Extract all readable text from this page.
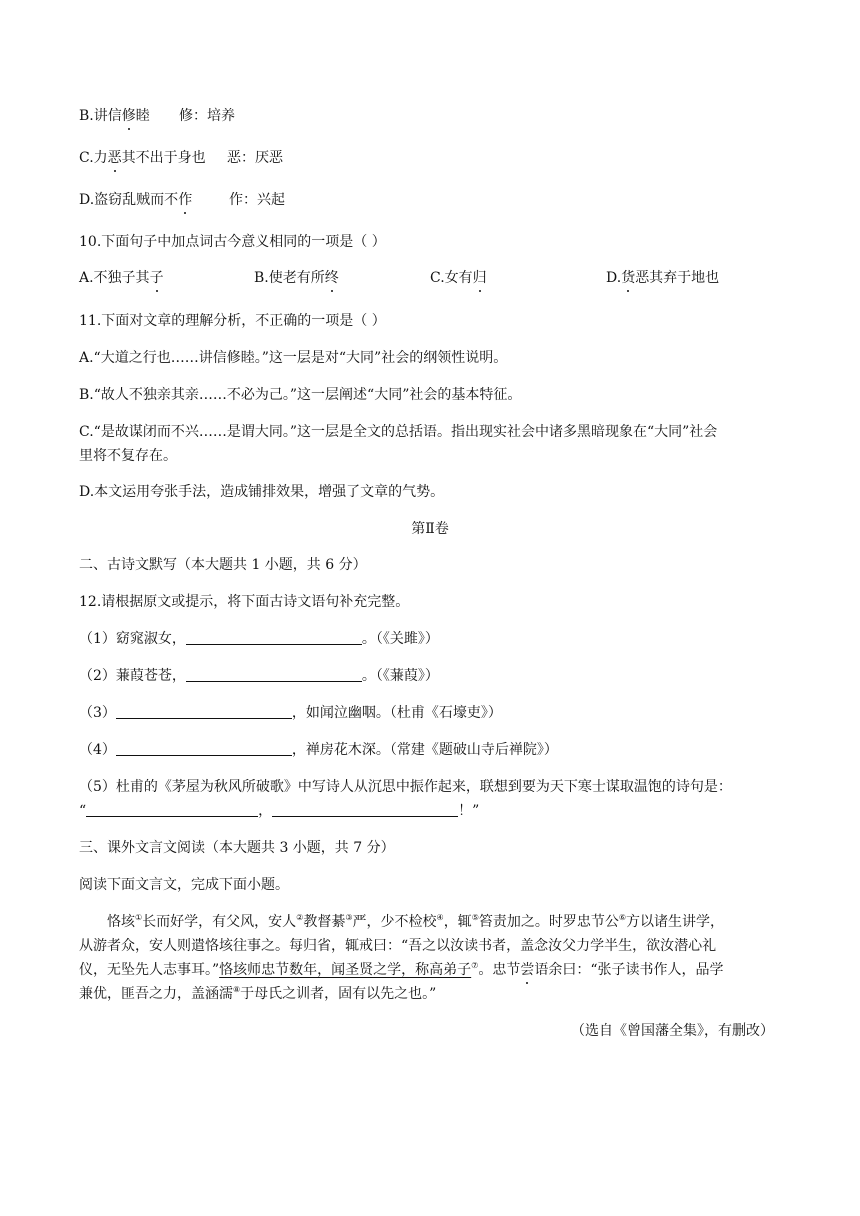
B.讲信修睦 修：培养
C.力恶其不出于身也 恶：厌恶
D.盗窃乱贼而不作	作：兴起
10.下面句子中加点词古今意义相同的一项是（ ）
A.不独子其子	B.使老有所终	C.女有归	D.货恶其弃于地也
11.下面对文章的理解分析，不正确的一项是（ ）
A.“大道之行也……讲信修睦。”这一层是对“大同”社会的纲领性说明。
B.“故人不独亲其亲……不必为己。”这一层阐述“大同”社会的基本特征。
C.“是故谋闭而不兴……是谓大同。”这一层是全文的总括语。指出现实社会中诸多黑暗现象在“大同”社会
里将不复存在。
D.本文运用夸张手法，造成铺排效果，增强了文章的气势。
第Ⅱ卷
二、古诗文默写（本大题共 1 小题，共 6 分）
12.请根据原文或提示，将下面古诗文语句补充完整。
（1）窈窕淑女，	。（《关雎》）
（2）蒹葭苍苍，	。（《蒹葭》）
（3）	，如闻泣幽咽。（杜甫《石壕吏》）
（4）	，禅房花木深。（常建《题破山寺后禅院》）
（5）杜甫的《茅屋为秋风所破歌》中写诗人从沉思中振作起来，联想到要为天下寒士谋取温饱的诗句是：
“	，	！”
三、课外文言文阅读（本大题共 3 小题，共 7 分）
阅读下面文言文，完成下面小题。
恪垓①长而好学，有父风，安人②教督綦③严，少不检校④，辄⑤笞责加之。时罗忠节公⑥方以诸生讲学，
从游者众，安人则遣恪垓往事之。每归省，辄戒曰：“吾之以汝读书者，盖念汝父力学半生，欲汝潜心礼
仪，无坠先人志事耳。”恪垓师忠节数年，闻圣贤之学，称高弟子⑦。忠节尝语余曰：“张子读书作人，品学
兼优，匪吾之力，盖涵濡⑧于母氏之训者，固有以先之也。”
（选自《曾国藩全集》，有删改）
